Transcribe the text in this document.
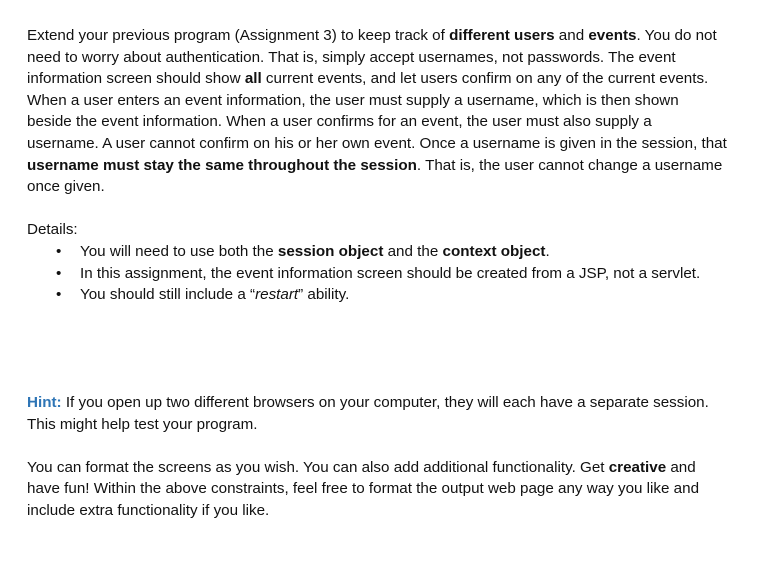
Extend your previous program (Assignment 3) to keep track of different users and events. You do not need to worry about authentication. That is, simply accept usernames, not passwords. The event information screen should show all current events, and let users confirm on any of the current events. When a user enters an event information, the user must supply a username, which is then shown beside the event information. When a user confirms for an event, the user must also supply a username. A user cannot confirm on his or her own event. Once a username is given in the session, that username must stay the same throughout the session. That is, the user cannot change a username once given.

Details:

•	You will need to use both the session object and the context object.
•	In this assignment, the event information screen should be created from a JSP, not a servlet.
•	You should still include a “restart” ability.

Hint: If you open up two different browsers on your computer, they will each have a separate session. This might help test your program.

You can format the screens as you wish. You can also add additional functionality. Get creative and have fun! Within the above constraints, feel free to format the output web page any way you like and include extra functionality if you like.
